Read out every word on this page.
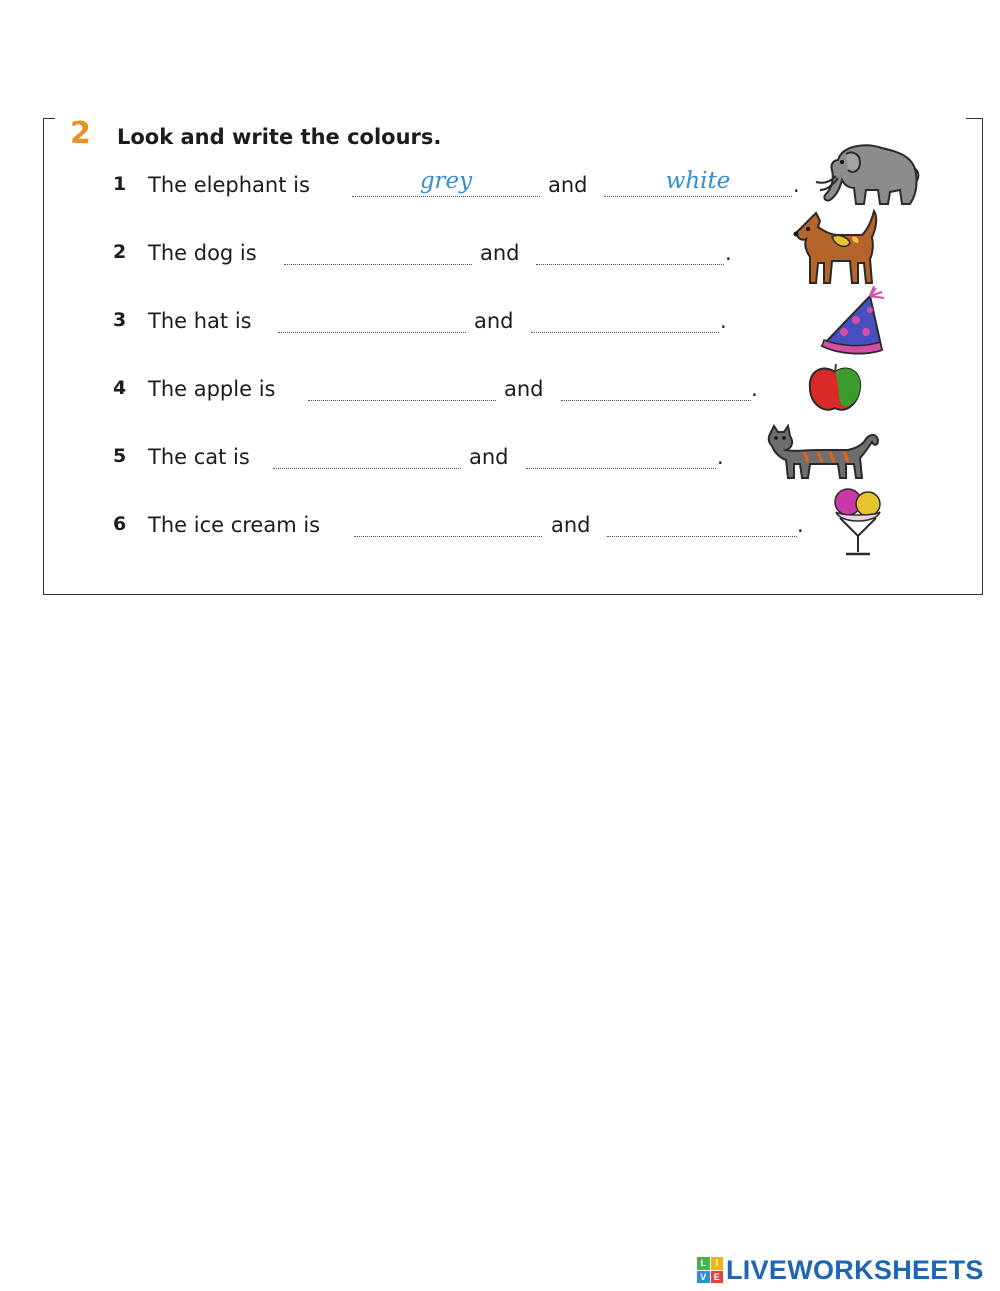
2 Look and write the colours.
1 The elephant is	grey	and	white	.
2 The dog is	and	.
3 The hat is	and	.
4 The apple is	and	.
5 The cat is	and	.
6 The ice cream is	and	.
L	I
V E LIVEWORKSHEETS
